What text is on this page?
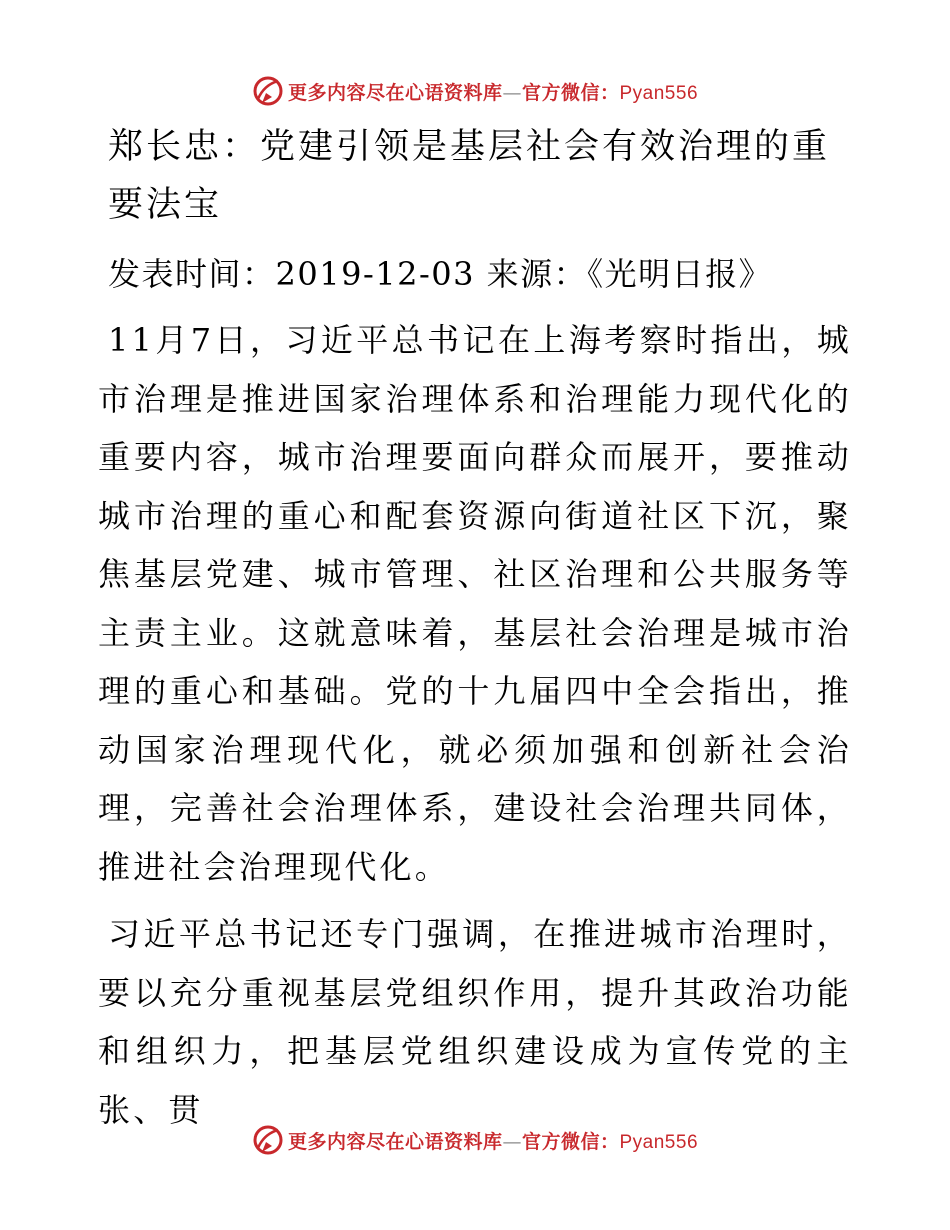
更多内容尽在心语资料库—官方微信：Pyan556
郑长忠：党建引领是基层社会有效治理的重要法宝

发表时间：2019-12-03 来源：《光明日报》

11月7日，习近平总书记在上海考察时指出，城市治理是推进国家治理体系和治理能力现代化的重要内容，城市治理要面向群众而展开，要推动城市治理的重心和配套资源向街道社区下沉，聚焦基层党建、城市管理、社区治理和公共服务等主责主业。这就意味着，基层社会治理是城市治理的重心和基础。党的十九届四中全会指出，推动国家治理现代化，就必须加强和创新社会治理，完善社会治理体系，建设社会治理共同体，推进社会治理现代化。

习近平总书记还专门强调，在推进城市治理时，要以充分重视基层党组织作用，提升其政治功能和组织力，把基层党组织建设成为宣传党的主张、贯

更多内容尽在心语资料库—官方微信：Pyan556
